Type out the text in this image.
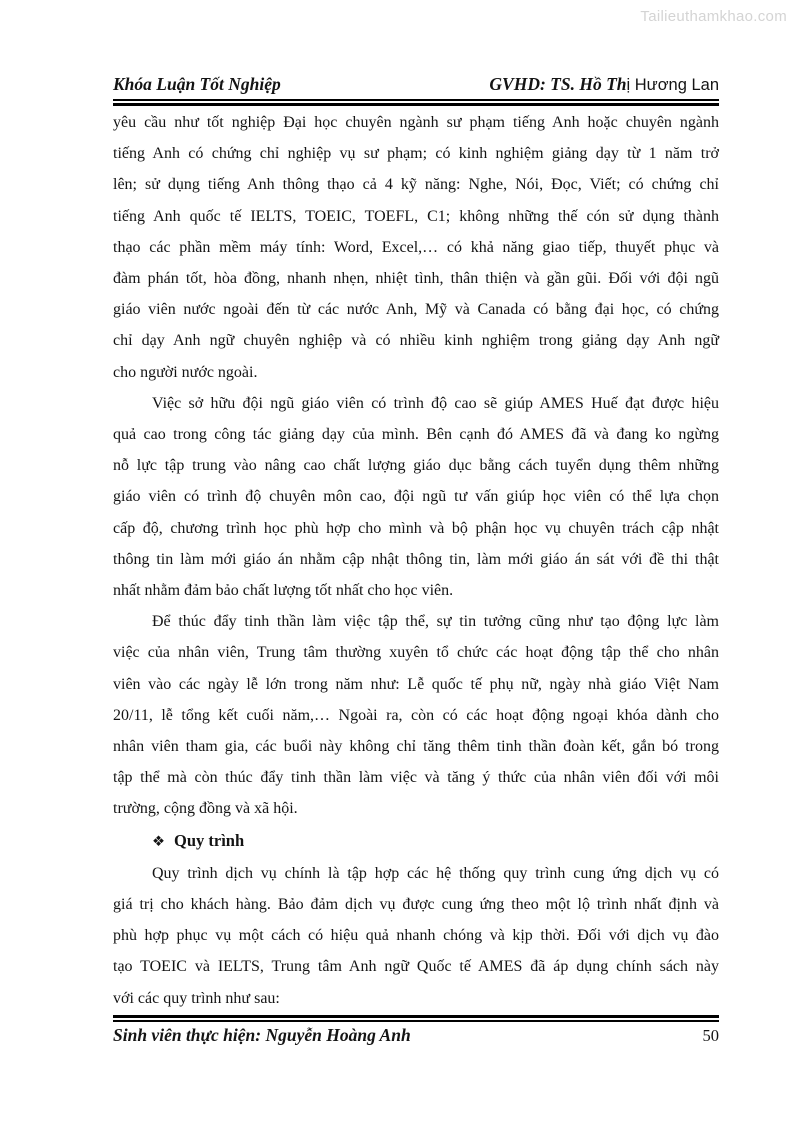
Tailieuthamkhao.com
Khóa Luận Tốt Nghiệp	GVHD: TS. Hồ Thị Hương Lan
yêu cầu như tốt nghiệp Đại học chuyên ngành sư phạm tiếng Anh hoặc chuyên ngành
tiếng Anh có chứng chỉ nghiệp vụ sư phạm; có kinh nghiệm giảng dạy từ 1 năm trở
lên; sử dụng tiếng Anh thông thạo cả 4 kỹ năng: Nghe, Nói, Đọc, Viết; có chứng chỉ
tiếng Anh quốc tế IELTS, TOEIC, TOEFL, C1; không những thế cón sử dụng thành
thạo các phần mềm máy tính: Word, Excel,… có khả năng giao tiếp, thuyết phục và
đàm phán tốt, hòa đồng, nhanh nhẹn, nhiệt tình, thân thiện và gần gũi. Đối với đội ngũ
giáo viên nước ngoài đến từ các nước Anh, Mỹ và Canada có bằng đại học, có chứng
chỉ dạy Anh ngữ chuyên nghiệp và có nhiều kinh nghiệm trong giảng dạy Anh ngữ
cho người nước ngoài.
Việc sở hữu đội ngũ giáo viên có trình độ cao sẽ giúp AMES Huế đạt được hiệu
quả cao trong công tác giảng dạy của mình. Bên cạnh đó AMES đã và đang ko ngừng
nỗ lực tập trung vào nâng cao chất lượng giáo dục bằng cách tuyển dụng thêm những
giáo viên có trình độ chuyên môn cao, đội ngũ tư vấn giúp học viên có thể lựa chọn
cấp độ, chương trình học phù hợp cho mình và bộ phận học vụ chuyên trách cập nhật
thông tin làm mới giáo án nhằm cập nhật thông tin, làm mới giáo án sát với đề thi thật
nhất nhằm đảm bảo chất lượng tốt nhất cho học viên.
Để thúc đẩy tinh thần làm việc tập thể, sự tin tưởng cũng như tạo động lực làm
việc của nhân viên, Trung tâm thường xuyên tổ chức các hoạt động tập thể cho nhân
viên vào các ngày lễ lớn trong năm như: Lễ quốc tế phụ nữ, ngày nhà giáo Việt Nam
20/11, lễ tổng kết cuối năm,… Ngoài ra, còn có các hoạt động ngoại khóa dành cho
nhân viên tham gia, các buổi này không chỉ tăng thêm tinh thần đoàn kết, gắn bó trong
tập thể mà còn thúc đẩy tinh thần làm việc và tăng ý thức của nhân viên đối với môi
trường, cộng đồng và xã hội.
❖ Quy trình
Quy trình dịch vụ chính là tập hợp các hệ thống quy trình cung ứng dịch vụ có
giá trị cho khách hàng. Bảo đảm dịch vụ được cung ứng theo một lộ trình nhất định và
phù hợp phục vụ một cách có hiệu quả nhanh chóng và kịp thời. Đối với dịch vụ đào
tạo TOEIC và IELTS, Trung tâm Anh ngữ Quốc tế AMES đã áp dụng chính sách này
với các quy trình như sau:
Sinh viên thực hiện: Nguyễn Hoàng Anh	50
